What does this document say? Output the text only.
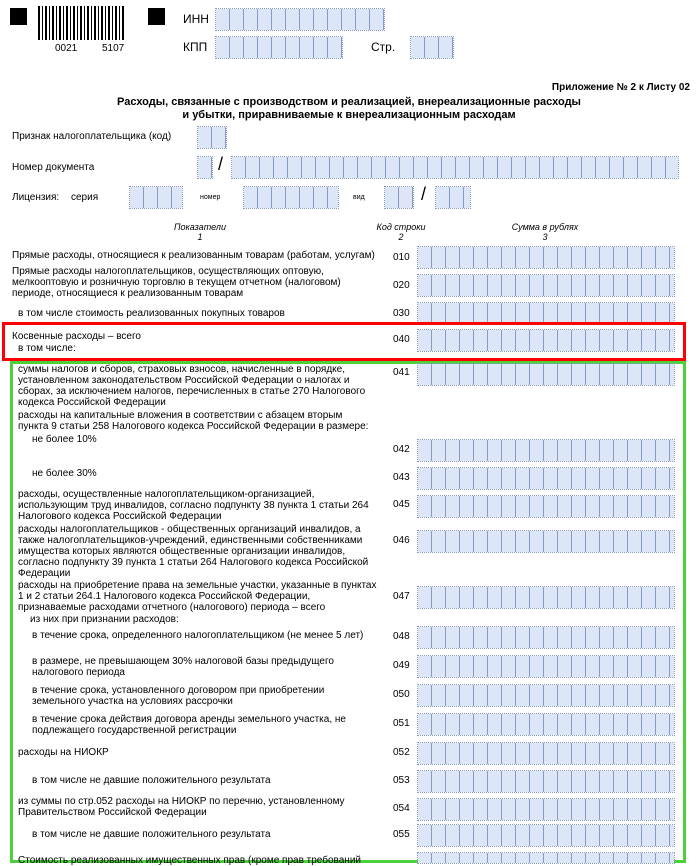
0021 5107
ИНН
КПП	Стр.
Приложение № 2 к Листу 02
Расходы, связанные с производством и реализацией, внереализационные расходы
и убытки, приравниваемые к внереализационным расходам
Признак налогоплательщика (код)
Номер документа	/
Лицензия: серия	номер	вид	/
Показатели
1
Код строки
2
Сумма в рублях
3
Прямые расходы, относящиеся к реализованным товарам (работам, услугам)	010
Прямые расходы налогоплательщиков, осуществляющих оптовую, мелкооптовую и розничную торговлю в текущем отчетном (налоговом) периоде, относящиеся к реализованным товарам
020
в том числе стоимость реализованных покупных товаров	030
Косвенные расходы – всего
в том числе:
040
суммы налогов и сборов, страховых взносов, начисленные в порядке, установленном законодательством Российской Федерации о налогах и сборах, за исключением налогов, перечисленных в статье 270 Налогового кодекса Российской Федерации
041
расходы на капитальные вложения в соответствии с абзацем вторым пункта 9 статьи 258 Налогового кодекса Российской Федерации в размере:
не более 10%
042
не более 30%	043
расходы, осуществленные налогоплательщиком-организацией, использующим труд инвалидов, согласно подпункту 38 пункта 1 статьи 264 Налогового кодекса Российской Федерации
045
расходы налогоплательщиков - общественных организаций инвалидов, а также налогоплательщиков-учреждений, единственными собственниками имущества которых являются общественные организации инвалидов, согласно подпункту 39 пункта 1 статьи 264 Налогового кодекса Российской Федерации
046
расходы на приобретение права на земельные участки, указанные в пунктах 1 и 2 статьи 264.1 Налогового кодекса Российской Федерации, признаваемые расходами отчетного (налогового) периода – всего
047
из них при признании расходов:
в течение срока, определенного налогоплательщиком (не менее 5 лет)	048
в размере, не превышающем 30% налоговой базы предыдущего налогового периода
049
в течение срока, установленного договором при приобретении земельного участка на условиях рассрочки
050
в течение срока действия договора аренды земельного участка, не подлежащего государственной регистрации
051
расходы на НИОКР	052
в том числе не давшие положительного результата	053
из суммы по стр.052 расходы на НИОКР по перечню, установленному Правительством Российской Федерации	054
в том числе не давшие положительного результата	055
Стоимость реализованных имущественных прав (кроме прав требований
